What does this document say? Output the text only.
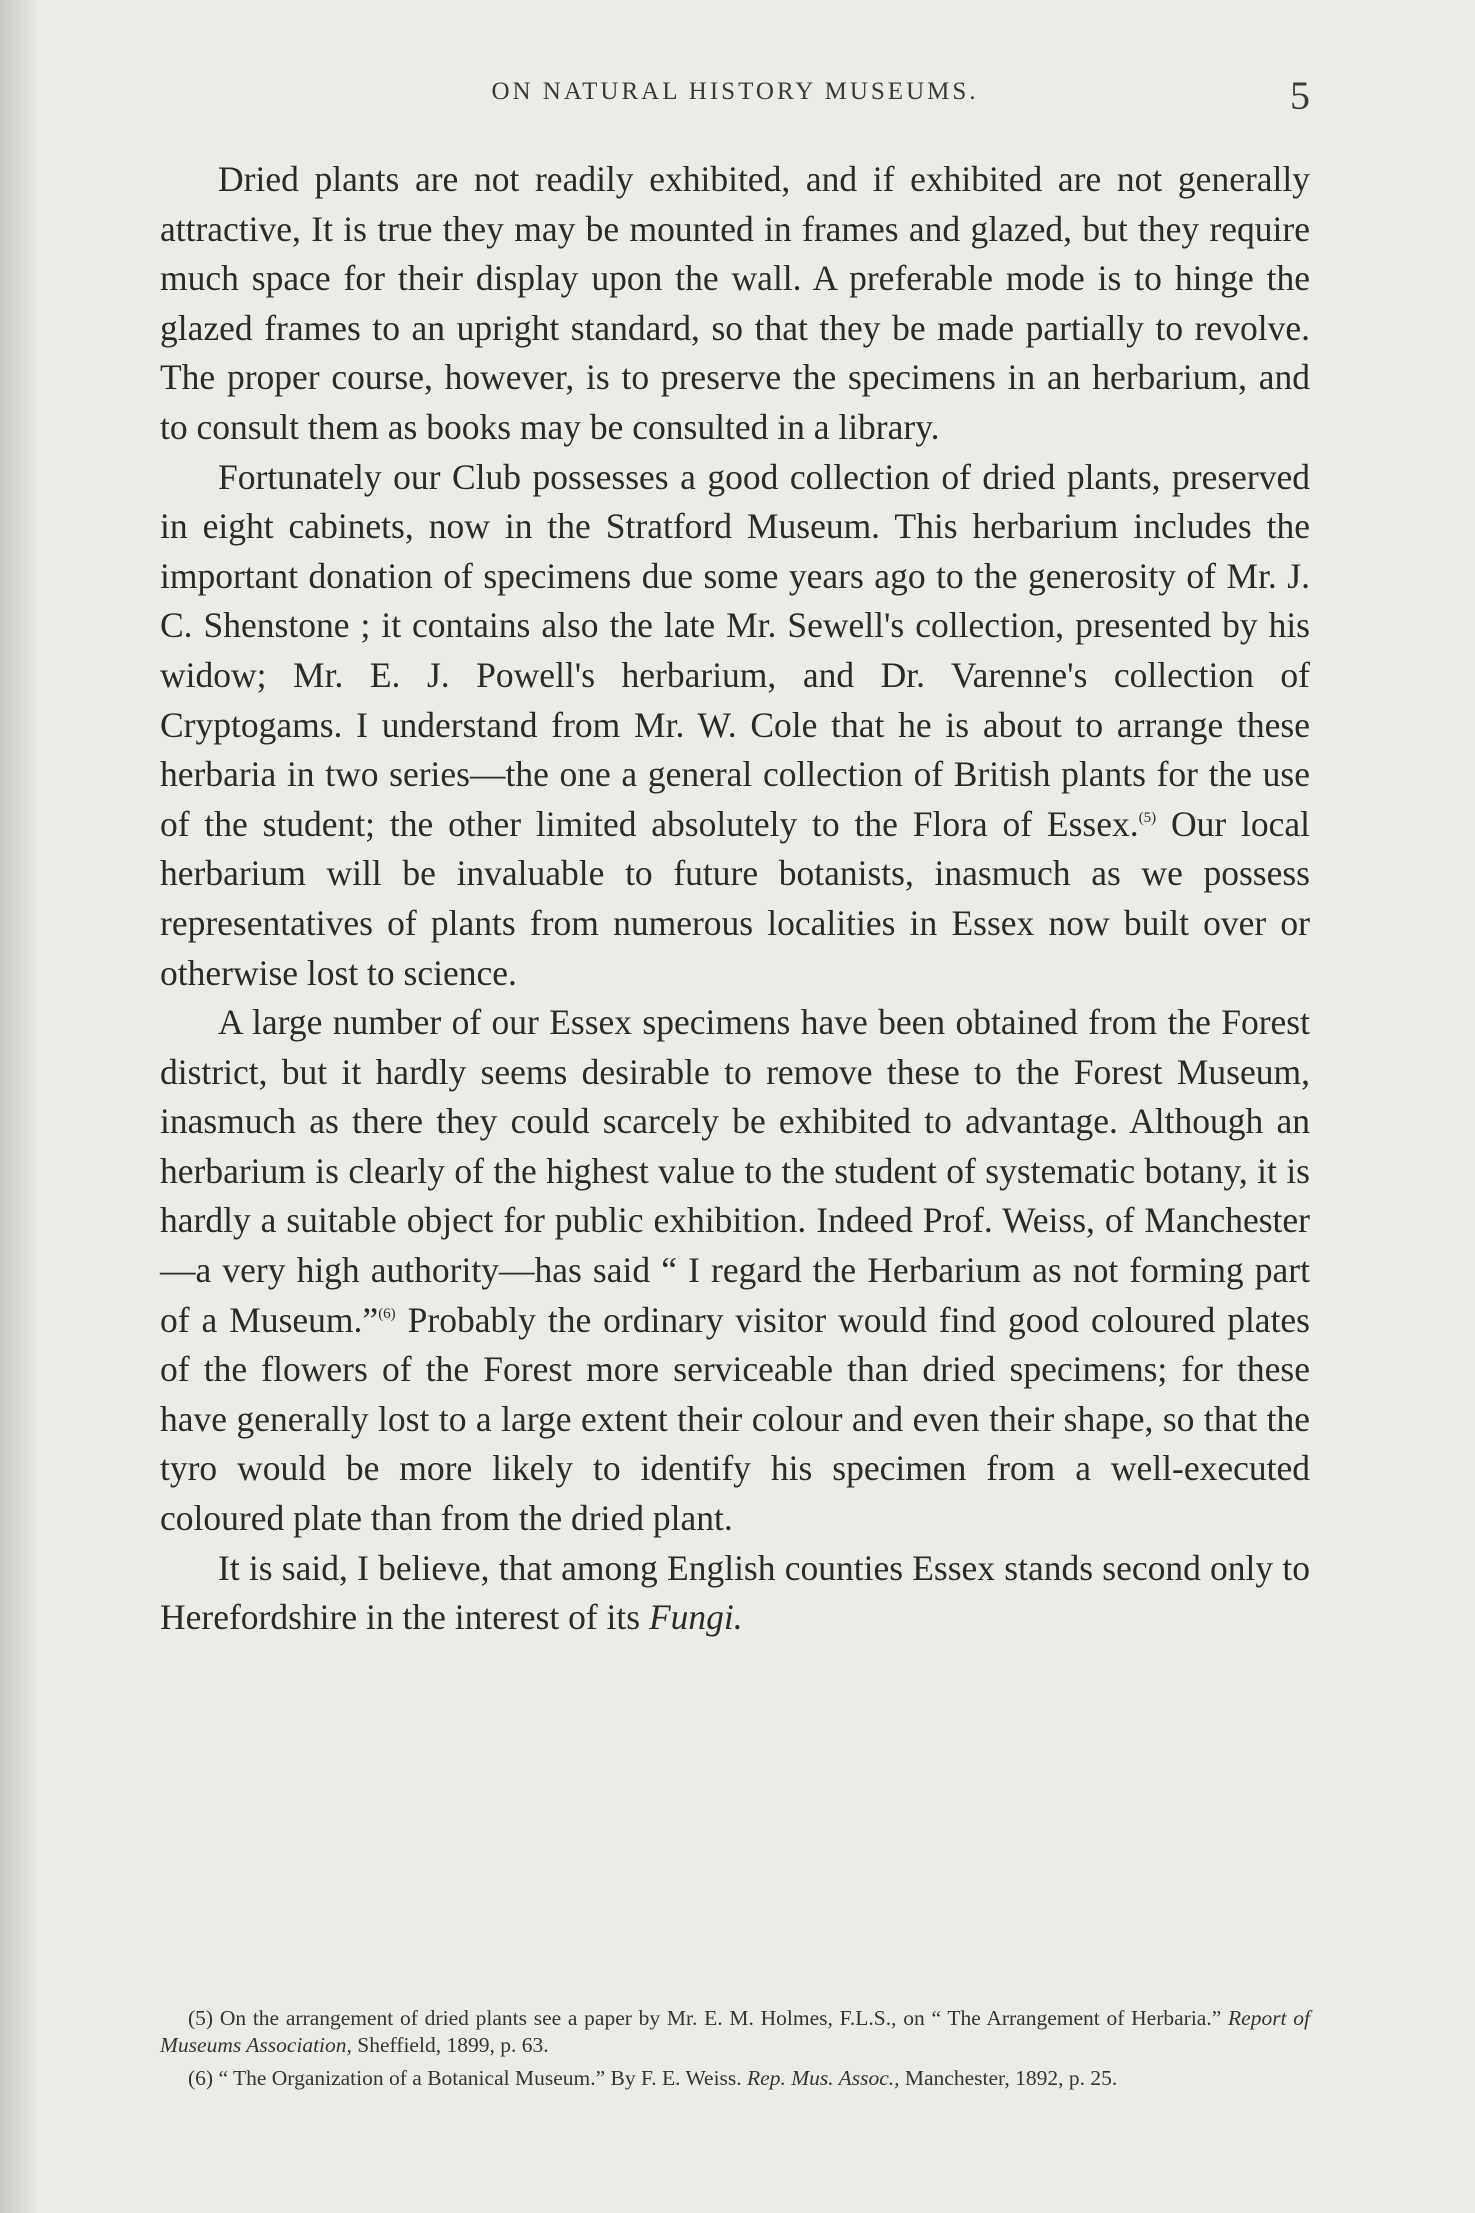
ON NATURAL HISTORY MUSEUMS.	5

Dried plants are not readily exhibited, and if exhibited are not generally attractive, It is true they may be mounted in frames and glazed, but they require much space for their display upon the wall. A preferable mode is to hinge the glazed frames to an upright standard, so that they be made partially to revolve. The proper course, however, is to preserve the specimens in an herbarium, and to consult them as books may be consulted in a library.

Fortunately our Club possesses a good collection of dried plants, preserved in eight cabinets, now in the Stratford Museum. This herbarium includes the important donation of specimens due some years ago to the generosity of Mr. J. C. Shenstone ; it contains also the late Mr. Sewell's collection, presented by his widow; Mr. E. J. Powell's herbarium, and Dr. Varenne's collection of Cryptogams. I understand from Mr. W. Cole that he is about to arrange these herbaria in two series—the one a general collection of British plants for the use of the student; the other limited absolutely to the Flora of Essex.$^{(5)}$ Our local herbarium will be invaluable to future botanists, inasmuch as we possess representatives of plants from numerous localities in Essex now built over or otherwise lost to science.

A large number of our Essex specimens have been obtained from the Forest district, but it hardly seems desirable to remove these to the Forest Museum, inasmuch as there they could scarcely be exhibited to advantage. Although an herbarium is clearly of the highest value to the student of systematic botany, it is hardly a suitable object for public exhibition. Indeed Prof. Weiss, of Manchester—a very high authority—has said “ I regard the Herbarium as not forming part of a Museum.”$^{(6)}$ Probably the ordinary visitor would find good coloured plates of the flowers of the Forest more serviceable than dried specimens; for these have generally lost to a large extent their colour and even their shape, so that the tyro would be more likely to identify his specimen from a well-executed coloured plate than from the dried plant.

It is said, I believe, that among English counties Essex stands second only to Herefordshire in the interest of its Fungi.

(5) On the arrangement of dried plants see a paper by Mr. E. M. Holmes, F.L.S., on “ The Arrangement of Herbaria.” Report of Museums Association, Sheffield, 1899, p. 63.

(6) “ The Organization of a Botanical Museum.” By F. E. Weiss. Rep. Mus. Assoc., Manchester, 1892, p. 25.
